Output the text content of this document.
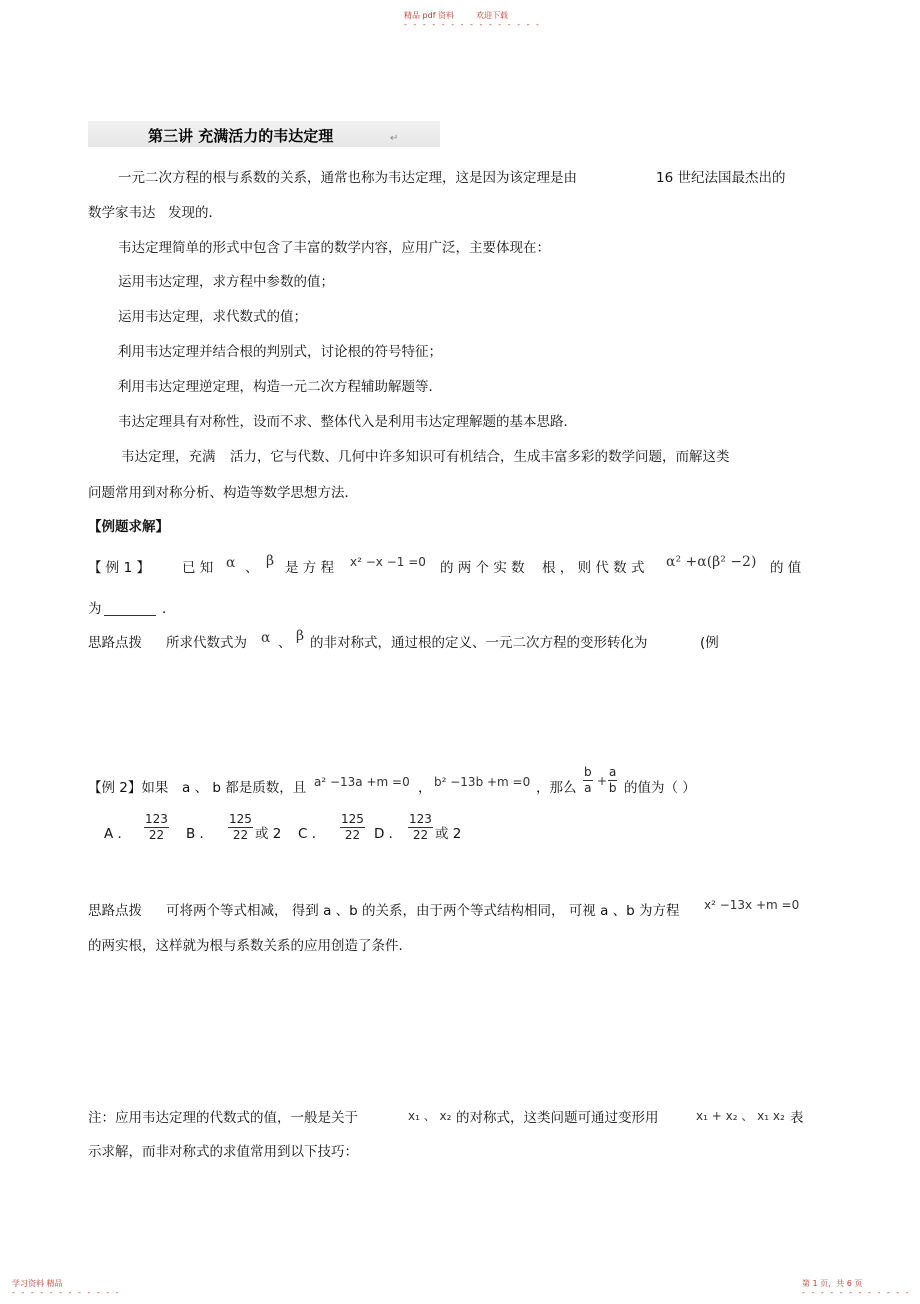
精品 pdf 资料	欢迎下载
- - - - - - - - - - - - - - -
第三讲 充满活力的韦达定理	↵
一元二次方程的根与系数的关系，通常也称为韦达定理，这是因为该定理是由	16 世纪法国最杰出的
数学家韦达 发现的．
韦达定理简单的形式中包含了丰富的数学内容，应用广泛，主要体现在：
运用韦达定理，求方程中参数的值；
运用韦达定理，求代数式的值；
利用韦达定理并结合根的判别式，讨论根的符号特征；
利用韦达定理逆定理，构造一元二次方程辅助解题等．
韦达定理具有对称性，设而不求、整体代入是利用韦达定理解题的基本思路．
韦达定理，充满 活力，它与代数、几何中许多知识可有机结合，生成丰富多彩的数学问题，而解这类
问题常用到对称分析、构造等数学思想方法．
【例题求解】
【 例 1 】 已 知 α 、 β 是 方 程 x² −x −1 =0 的 两 个 实 数 根 ， 则 代 数 式 α² +α(β² −2) 的 值
为	．
思路点拨 所求代数式为 α 、 β 的非对称式，通过根的定义、一元二次方程的变形转化为	(例
【例 2】如果 a 、 b 都是质数，且 a² −13a +m =0 ， b² −13b +m =0 ，那么 $\frac{b}{a} + \frac{a}{b}$ 的值为（ ）
A ． $\frac{123}{22}$ B ． $\frac{125}{22}$ 或 2 C ． $\frac{125}{22}$ D ． $\frac{123}{22}$ 或 2
思路点拨 可将两个等式相减， 得到 a 、b 的关系，由于两个等式结构相同， 可视 a 、b 为方程 x² −13x +m =0
的两实根，这样就为根与系数关系的应用创造了条件．
注：应用韦达定理的代数式的值，一般是关于	x₁ 、 x₂ 的对称式，这类问题可通过变形用	x₁ + x₂ 、 x₁ x₂ 表
示求解，而非对称式的求值常用到以下技巧：
学习资料 精品
- - - - - - - - - - - -
第 1 页，共 6 页
- - - - - - - - - - - -
